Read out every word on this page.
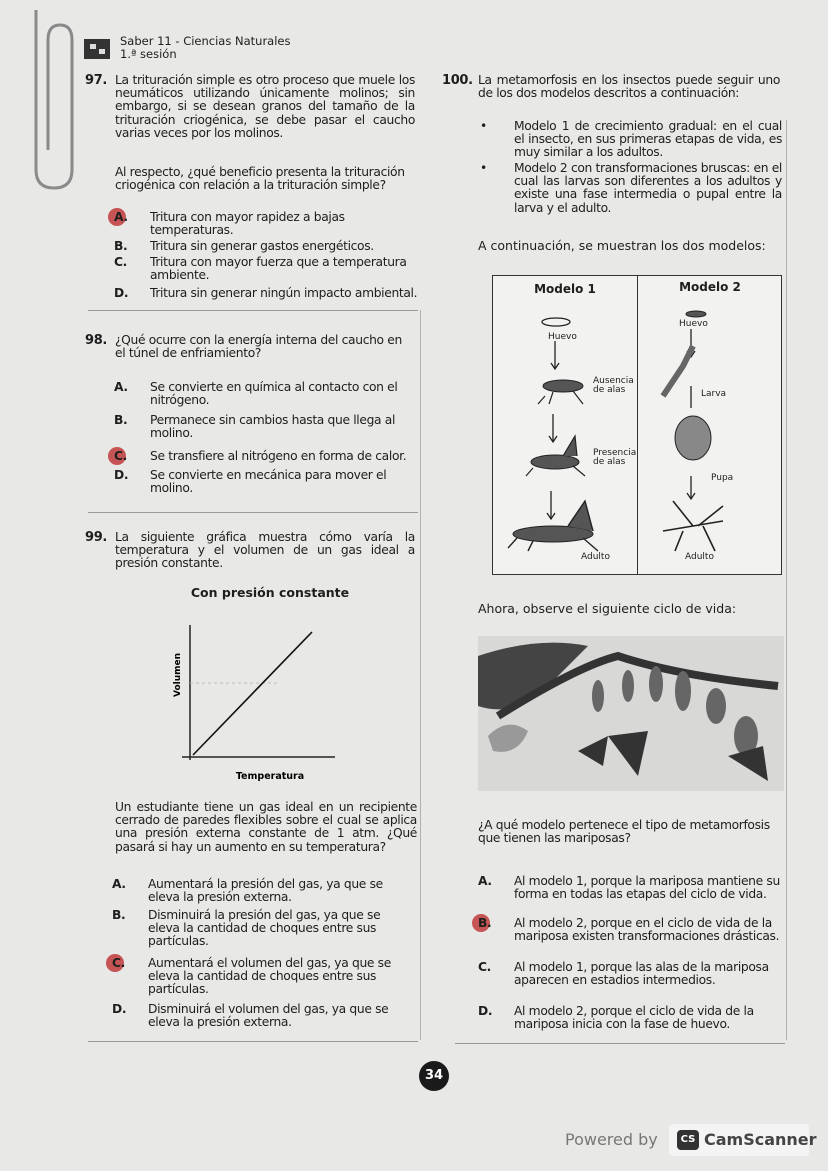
Saber 11 - Ciencias Naturales
1.ª sesión
97. La trituración simple es otro proceso que muele los neumáticos utilizando únicamente molinos; sin embargo, si se desean granos del tamaño de la trituración criogénica, se debe pasar el caucho varias veces por los molinos.
Al respecto, ¿qué beneficio presenta la trituración criogénica con relación a la trituración simple?
A. Tritura con mayor rapidez a bajas temperaturas.
B. Tritura sin generar gastos energéticos.
C. Tritura con mayor fuerza que a temperatura ambiente.
D. Tritura sin generar ningún impacto ambiental.
98. ¿Qué ocurre con la energía interna del caucho en el túnel de enfriamiento?
A. Se convierte en química al contacto con el nitrógeno.
B. Permanece sin cambios hasta que llega al molino.
C. Se transfiere al nitrógeno en forma de calor.
D. Se convierte en mecánica para mover el molino.
99. La siguiente gráfica muestra cómo varía la temperatura y el volumen de un gas ideal a presión constante.
Con presión constante
Volumen
Temperatura
Un estudiante tiene un gas ideal en un recipiente cerrado de paredes flexibles sobre el cual se aplica una presión externa constante de 1 atm. ¿Qué pasará si hay un aumento en su temperatura?
A. Aumentará la presión del gas, ya que se eleva la presión externa.
B. Disminuirá la presión del gas, ya que se eleva la cantidad de choques entre sus partículas.
C. Aumentará el volumen del gas, ya que se eleva la cantidad de choques entre sus partículas.
D. Disminuirá el volumen del gas, ya que se eleva la presión externa.
100. La metamorfosis en los insectos puede seguir uno de los dos modelos descritos a continuación:
• Modelo 1 de crecimiento gradual: en el cual el insecto, en sus primeras etapas de vida, es muy similar a los adultos.
• Modelo 2 con transformaciones bruscas: en el cual las larvas son diferentes a los adultos y existe una fase intermedia o pupal entre la larva y el adulto.
A continuación, se muestran los dos modelos:
Modelo 1	Modelo 2
Huevo
Ausencia de alas
Presencia de alas
Adulto
Huevo
Larva
Pupa
Adulto
Ahora, observe el siguiente ciclo de vida:
¿A qué modelo pertenece el tipo de metamorfosis que tienen las mariposas?
A. Al modelo 1, porque la mariposa mantiene su forma en todas las etapas del ciclo de vida.
B. Al modelo 2, porque en el ciclo de vida de la mariposa existen transformaciones drásticas.
C. Al modelo 1, porque las alas de la mariposa aparecen en estadios intermedios.
D. Al modelo 2, porque el ciclo de vida de la mariposa inicia con la fase de huevo.
34
Powered by	CS CamScanner
